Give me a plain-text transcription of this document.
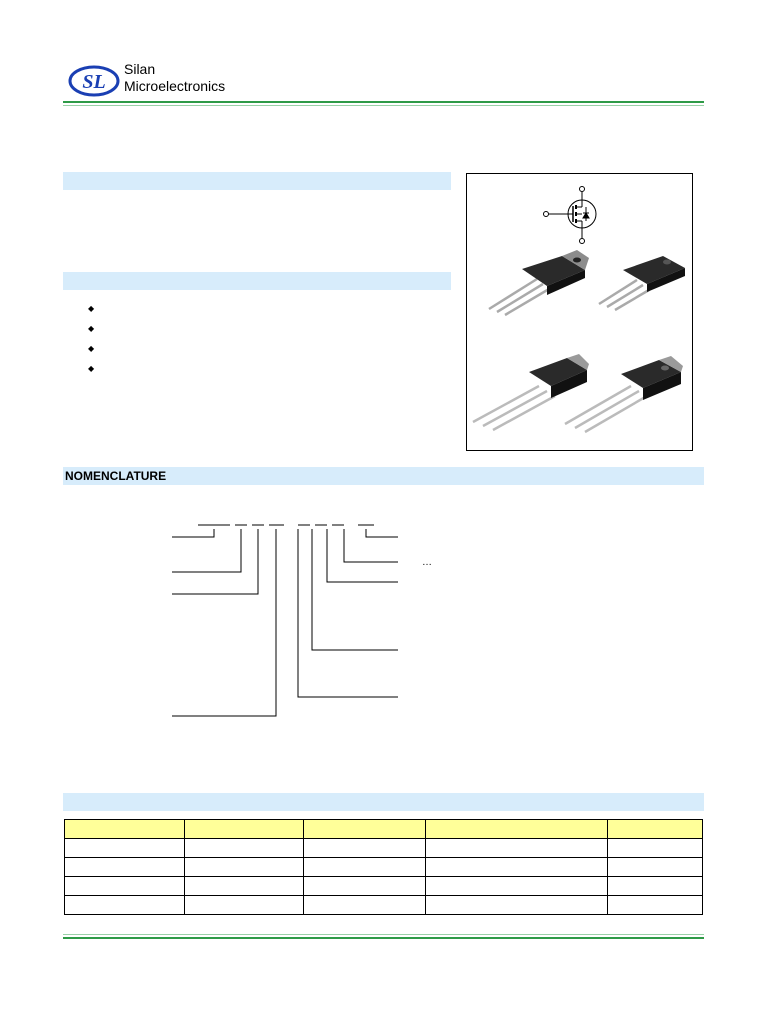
SL
Silan
Microelectronics
◆
◆
◆
◆
NOMENCLATURE
…
